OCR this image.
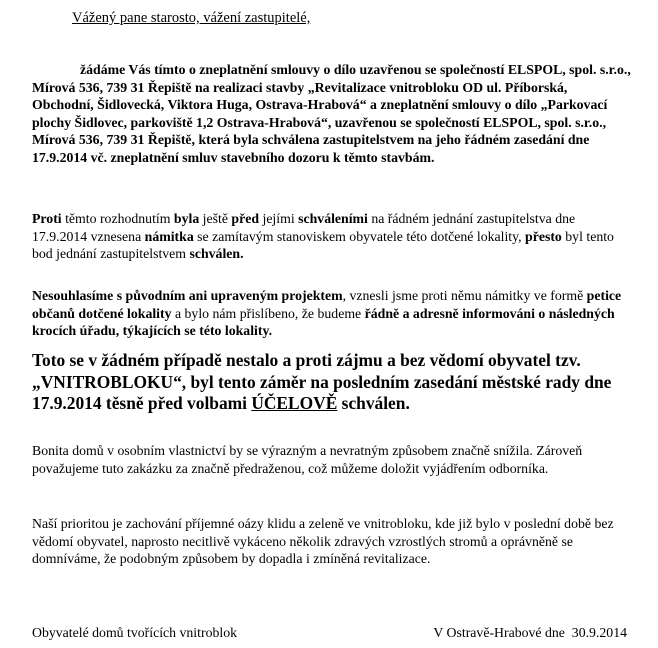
Vážený pane starosto, vážení zastupitelé,
žádáme Vás tímto o zneplatnění smlouvy o dílo uzavřenou se společností ELSPOL, spol. s.r.o., Mírová 536, 739 31 Řepiště na realizaci stavby „Revitalizace vnitrobloku OD ul. Příborská, Obchodní, Šidlovecká, Viktora Huga, Ostrava-Hrabová“ a zneplatnění smlouvy o dílo „Parkovací plochy Šidlovec, parkoviště 1,2 Ostrava-Hrabová“, uzavřenou se společností ELSPOL, spol. s.r.o., Mírová 536, 739 31 Řepiště, která byla schválena zastupitelstvem na jeho řádném zasedání dne 17.9.2014 vč. zneplatnění smluv stavebního dozoru k těmto stavbám.
Proti těmto rozhodnutím byla ještě před jejími schváleními na řádném jednání zastupitelstva dne 17.9.2014 vznesena námitka se zamítavým stanoviskem obyvatele této dotčené lokality, přesto byl tento bod jednání zastupitelstvem schválen.
Nesouhlasíme s původním ani upraveným projektem, vznesli jsme proti němu námitky ve formě petice občanů dotčené lokality a bylo nám přislíbeno, že budeme řádně a adresně informováni o následných krocích úřadu, týkajících se této lokality.
Toto se v žádném případě nestalo a proti zájmu a bez vědomí obyvatel tzv. „VNITROBLOKU“, byl tento záměr na posledním zasedání městské rady dne 17.9.2014 těsně před volbami ÚČELOVĚ schválen.
Bonita domů v osobním vlastnictví by se výrazným a nevratným způsobem značně snížila. Zároveň považujeme tuto zakázku za značně předraženou, což můžeme doložit vyjádřením odborníka.
Naší prioritou je zachování příjemné oázy klidu a zeleně ve vnitrobloku, kde již bylo v poslední době bez vědomí obyvatel, naprosto necitlivě vykáceno několik zdravých vzrostlých stromů a oprávněně se domníváme, že podobným způsobem by dopadla i zmíněná revitalizace.
Obyvatelé domů tvořících vnitroblok	V Ostravě-Hrabové dne  30.9.2014
